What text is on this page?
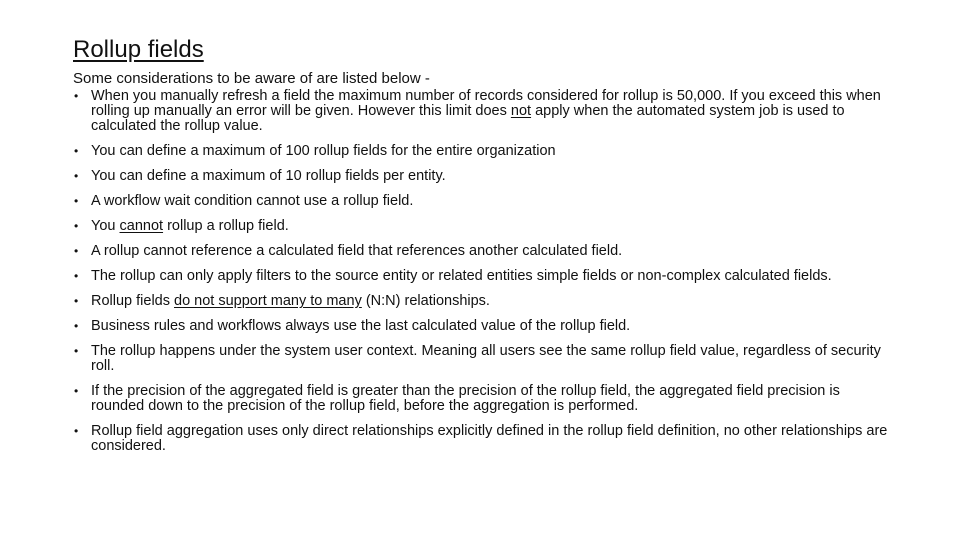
Rollup fields

Some considerations to be aware of are listed below -

• When you manually refresh a field the maximum number of records considered for rollup is 50,000. If you exceed this when rolling up manually an error will be given. However this limit does not apply when the automated system job is used to calculated the rollup value.
• You can define a maximum of 100 rollup fields for the entire organization
• You can define a maximum of 10 rollup fields per entity.
• A workflow wait condition cannot use a rollup field.
• You cannot rollup a rollup field.
• A rollup cannot reference a calculated field that references another calculated field.
• The rollup can only apply filters to the source entity or related entities simple fields or non-complex calculated fields.
• Rollup fields do not support many to many (N:N) relationships.
• Business rules and workflows always use the last calculated value of the rollup field.
• The rollup happens under the system user context. Meaning all users see the same rollup field value, regardless of security roll.
• If the precision of the aggregated field is greater than the precision of the rollup field, the aggregated field precision is rounded down to the precision of the rollup field, before the aggregation is performed.
• Rollup field aggregation uses only direct relationships explicitly defined in the rollup field definition, no other relationships are considered.
